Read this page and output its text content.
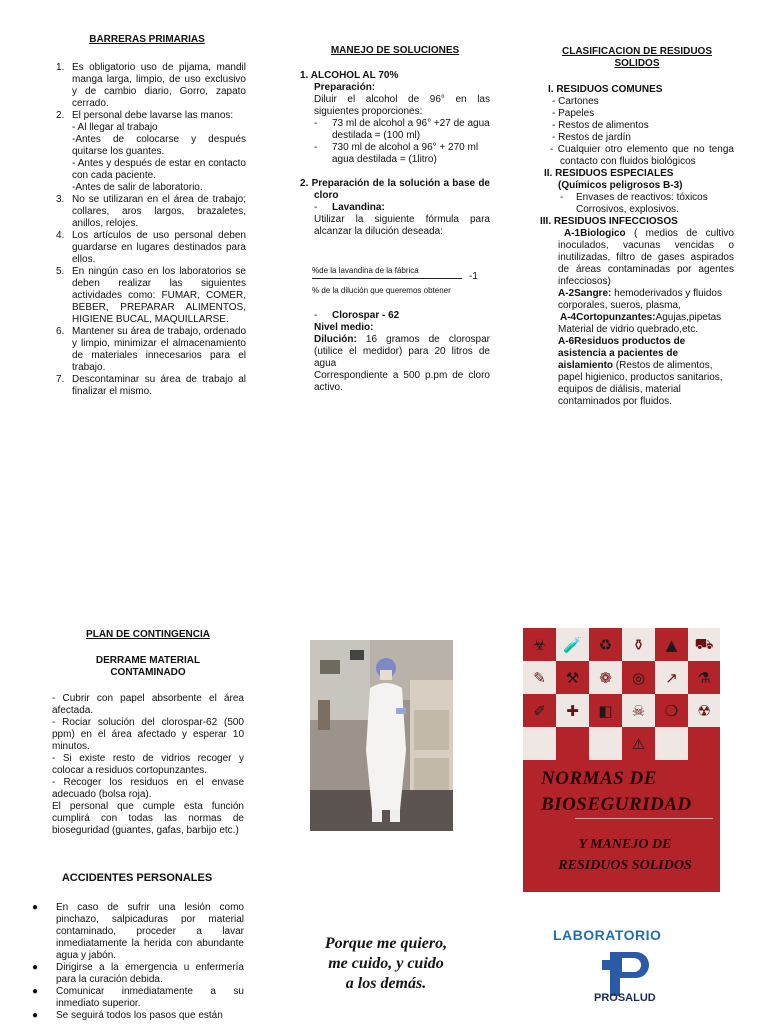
BARRERAS PRIMARIAS
1. Es obligatorio uso de pijama, mandil manga larga, limpio, de uso exclusivo y de cambio diario, Gorro, zapato cerrado.
2. El personal debe lavarse las manos:
- Al llegar al trabajo
-Antes de colocarse y después quitarse los guantes.
- Antes y después de estar en contacto con cada paciente.
-Antes de salir de laboratorio.
3. No se utilizaran en el área de trabajo; collares, aros largos, brazaletes, anillos, relojes.
4. Los artículos de uso personal deben guardarse en lugares destinados para ellos.
5. En ningún caso en los laboratorios se deben realizar las siguientes actividades como: FUMAR, COMER, BEBER, PREPARAR ALIMENTOS, HIGIENE BUCAL, MAQUILLARSE.
6. Mantener su área de trabajo, ordenado y limpio, minimizar el almacenamiento de materiales innecesarios para el trabajo.
7. Descontaminar su área de trabajo al finalizar el mismo.
MANEJO DE SOLUCIONES
1. ALCOHOL AL 70%
Preparación:
Diluir el alcohol de 96° en las siguientes proporciones:
-	73 ml de alcohol a 96° +27 de agua destilada = (100 ml)
-	730 ml de alcohol a 96° + 270 ml agua destilada = (1litro)
2. Preparación de la solución a base de cloro
- Lavandina:
Utilizar la siguiente fórmula para alcanzar la dilución deseada:
%de la lavandina de la fábrica
-1
% de la dilución que queremos obtener
- Clorospar - 62
Nivel medio:
Dilución: 16 gramos de clorospar (utilice el medidor) para 20 litros de agua
Correspondiente a 500 p.pm de cloro activo.
CLASIFICACION DE RESIDUOS SOLIDOS
I. RESIDUOS COMUNES
- Cartones
- Papeles
- Restos de alimentos
- Restos de jardín
- Cualquier otro elemento que no tenga contacto con fluidos biológicos
II. RESIDUOS ESPECIALES
(Químicos peligrosos B-3)
- Envases de reactivos: tóxicos Corrosivos, explosivos.
III. RESIDUOS INFECCIOSOS
A-1Biologico ( medios de cultivo inoculados, vacunas vencidas o inutilizadas, filtro de gases aspirados de áreas contaminadas por agentes infecciosos)
A-2Sangre: hemoderivados y fluidos corporales, sueros, plasma,
A-4Cortopunzantes:Agujas,pipetas Material de vidrio quebrado,etc.
A-6Residuos productos de asistencia a pacientes de aislamiento (Restos de alimentos, papel higienico, productos sanitarios, equipos de diálisis, material contaminados por fluidos.
PLAN DE CONTINGENCIA
DERRAME MATERIAL CONTAMINADO
- Cubrir con papel absorbente el área afectada.
- Rociar solución del clorospar-62 (500 ppm) en el área afectado y esperar 10 minutos.
- Si existe resto de vidrios recoger y colocar a residuos cortopunzantes.
- Recoger los residuos en el envase adecuado (bolsa roja).
El personal que cumple esta función cumplirá con todas las normas de bioseguridad (guantes, gafas, barbijo etc.)
ACCIDENTES PERSONALES
● En caso de sufrir una lesión como pinchazo, salpicaduras por material contaminado, proceder a lavar inmediatamente la herida con abundante agua y jabón.
● Dirigirse a la emergencia u enfermería para la curación debida.
● Comunicar inmediatamente a su inmediato superior.
● Se seguirá todos los pasos que están
Porque me quiero,
me cuido, y cuido
a los demás.
☣	🧪	♻	⚱	▲	⛟
✎	⚒	❁	◎	↗	⚗
✐	✚	◧	☠	❍	☢
⚠
NORMAS DE
BIOSEGURIDAD
Y MANEJO DE
RESIDUOS SOLIDOS
LABORATORIO
PROSALUD
